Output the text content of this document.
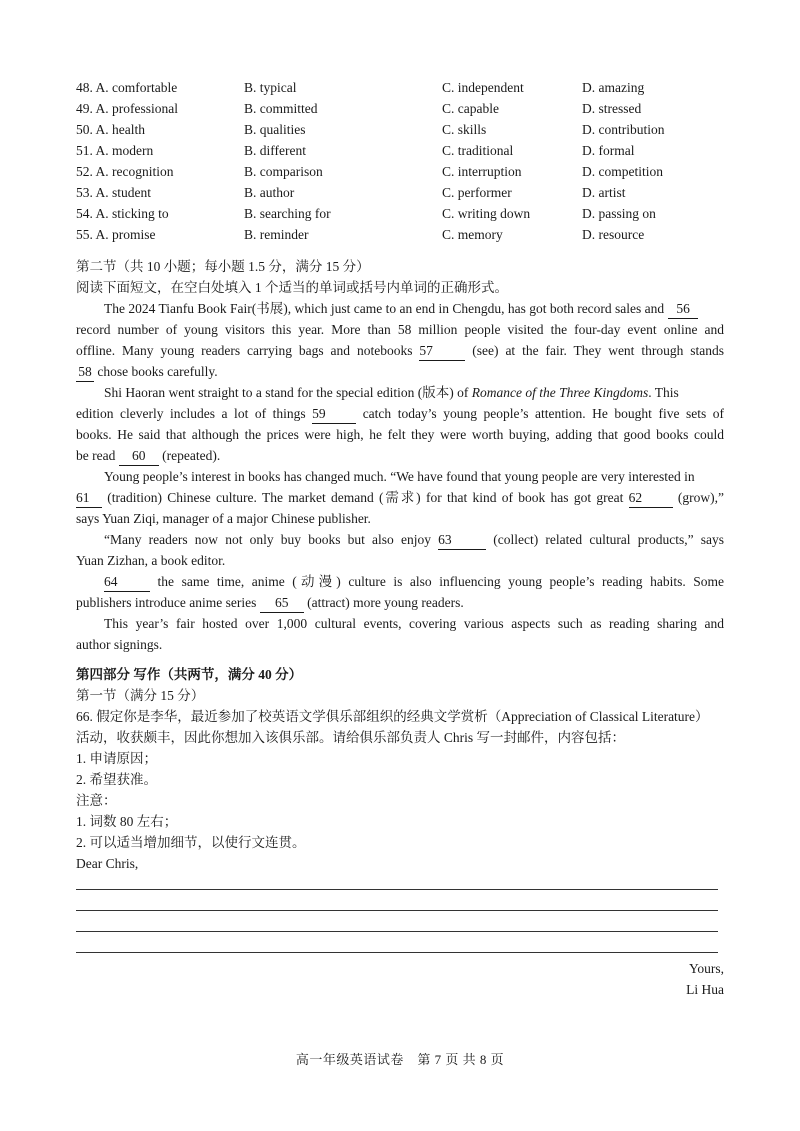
48. A. comfortable	B. typical	C. independent	D. amazing
49. A. professional	B. committed	C. capable	D. stressed
50. A. health	B. qualities	C. skills	D. contribution
51. A. modern	B. different	C. traditional	D. formal
52. A. recognition	B. comparison	C. interruption	D. competition
53. A. student	B. author	C. performer	D. artist
54. A. sticking to	B. searching for	C. writing down	D. passing on
55. A. promise	B. reminder	C. memory	D. resource
第二节（共 10 小题；每小题 1.5 分，满分 15 分）
阅读下面短文，在空白处填入 1 个适当的单词或括号内单词的正确形式。
The 2024 Tianfu Book Fair(书展), which just came to an end in Chengdu, has got both record sales and 56
record number of young visitors this year. More than 58 million people visited the four-day event online and
offline. Many young readers carrying bags and notebooks 57	(see) at the fair. They went through stands
58 chose books carefully.
Shi Haoran went straight to a stand for the special edition (版本) of Romance of the Three Kingdoms. This
edition cleverly includes a lot of things 59	catch today’s young people’s attention. He bought five sets of
books. He said that although the prices were high, he felt they were worth buying, adding that good books could
be read 60 (repeated).
Young people’s interest in books has changed much. “We have found that young people are very interested in
61 (tradition) Chinese culture. The market demand (需求) for that kind of book has got great 62	(grow),”
says Yuan Ziqi, manager of a major Chinese publisher.
“Many readers now not only buy books but also enjoy 63	(collect) related cultural products,” says
Yuan Zizhan, a book editor.
64	the same time, anime (动漫) culture is also influencing young people’s reading habits. Some
publishers introduce anime series 65 (attract) more young readers.
This year’s fair hosted over 1,000 cultural events, covering various aspects such as reading sharing and
author signings.
第四部分 写作（共两节，满分 40 分）
第一节（满分 15 分）
66. 假定你是李华，最近参加了校英语文学俱乐部组织的经典文学赏析（Appreciation of Classical Literature）
活动，收获颇丰，因此你想加入该俱乐部。请给俱乐部负责人 Chris 写一封邮件，内容包括：
1. 申请原因；
2. 希望获准。
注意：
1. 词数 80 左右；
2. 可以适当增加细节，以使行文连贯。
Dear Chris,
Yours,
Li Hua
高一年级英语试卷　第 7 页 共 8 页
